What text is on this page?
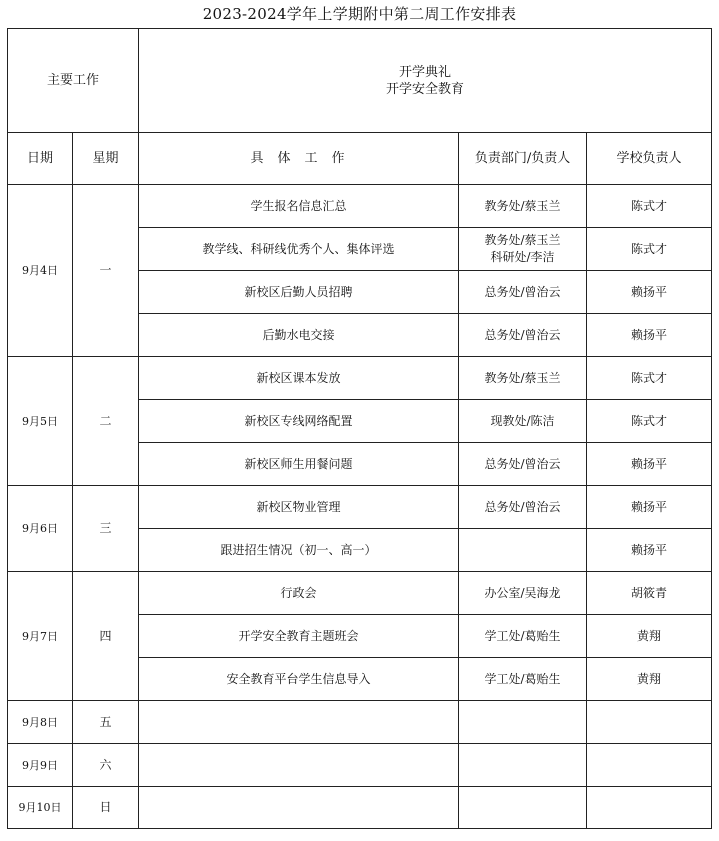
2023-2024学年上学期附中第二周工作安排表
主要工作		开学典礼
开学安全教育		

日期	星期	具体工作	负责部门/负责人	学校负责人
9月4日	一	学生报名信息汇总	教务处/蔡玉兰	陈式才
		教学线、科研线优秀个人、集体评选	教务处/蔡玉兰
科研处/李洁	陈式才
		新校区后勤人员招聘	总务处/曾治云	赖扬平
		后勤水电交接	总务处/曾治云	赖扬平
9月5日	二	新校区课本发放	教务处/蔡玉兰	陈式才
		新校区专线网络配置	现教处/陈洁	陈式才
		新校区师生用餐问题	总务处/曾治云	赖扬平
9月6日	三	新校区物业管理	总务处/曾治云	赖扬平
		跟进招生情况（初一、高一）		赖扬平
9月7日	四	行政会	办公室/吴海龙	胡筱青
		开学安全教育主题班会	学工处/葛贻生	黄翔
		安全教育平台学生信息导入	学工处/葛贻生	黄翔
9月8日	五			
9月9日	六			
9月10日	日			
